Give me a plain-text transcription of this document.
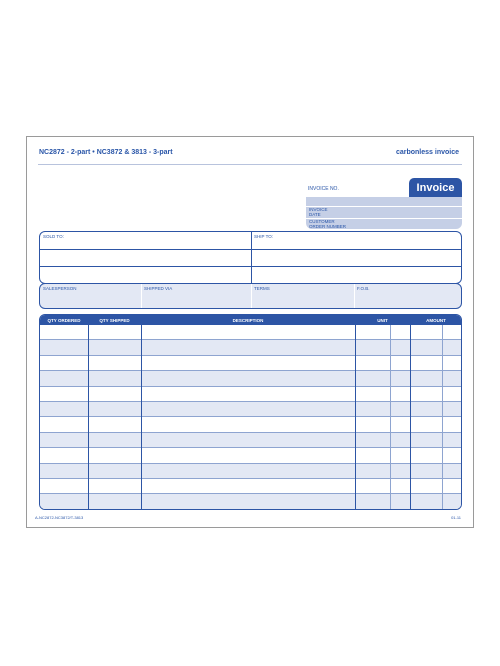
NC2872 - 2-part • NC3872 & 3813 - 3-part	carbonless invoice
INVOICE NO.	Invoice
INVOICE
DATE
CUSTOMER
ORDER NUMBER
SOLD TO:	SHIP TO:
SALESPERSON	SHIPPED VIA	TERMS	F.O.B.
QTY ORDERED	QTY SHIPPED	DESCRIPTION	UNIT	AMOUNT
A-NC2872-NC3872/T-3813	01-11
